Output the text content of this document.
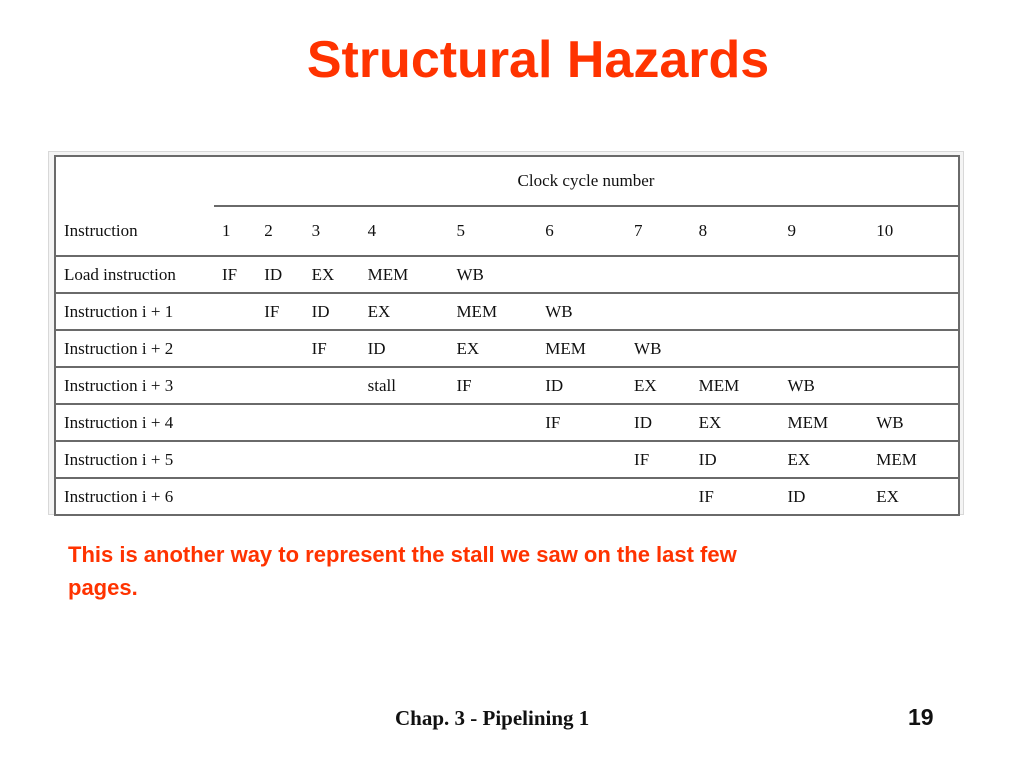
Structural Hazards
	Clock cycle number									
Instruction	1	2	3	4	5	6	7	8	9	10
Load instruction	IF	ID	EX	MEM	WB					
Instruction i + 1		IF	ID	EX	MEM	WB				
Instruction i + 2			IF	ID	EX	MEM	WB			
Instruction i + 3				stall	IF	ID	EX	MEM	WB	
Instruction i + 4						IF	ID	EX	MEM	WB
Instruction i + 5							IF	ID	EX	MEM
Instruction i + 6								IF	ID	EX
This is another way to represent the stall we saw on the last few pages.
Chap. 3 - Pipelining 1	19
